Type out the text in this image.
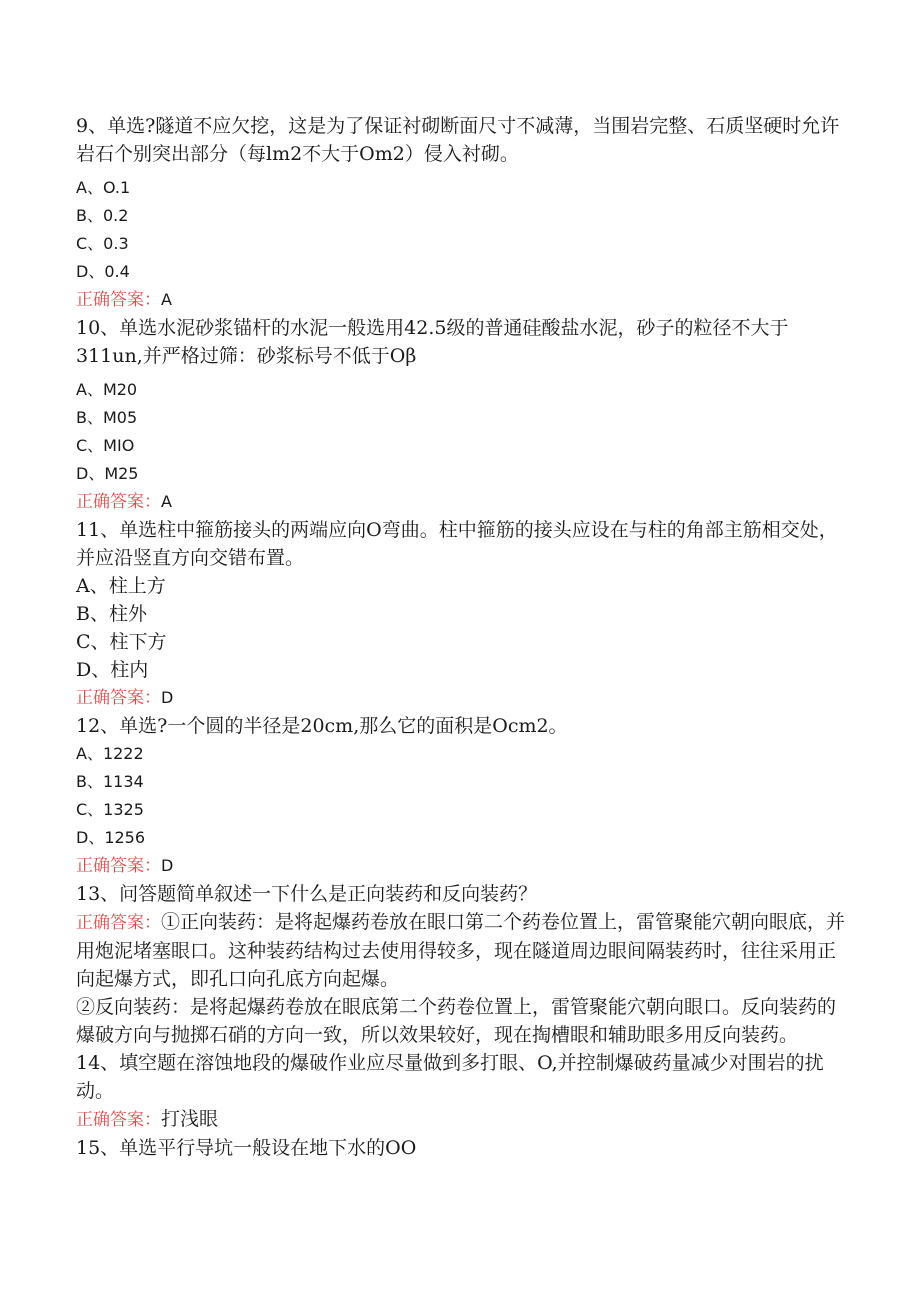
9、单选?隧道不应欠挖，这是为了保证衬砌断面尺寸不减薄，当围岩完整、石质坚硬时允许岩石个别突出部分（每lm2不大于Om2）侵入衬砌。

A、O.1

B、0.2

C、0.3

D、0.4

正确答案：A

10、单选水泥砂浆锚杆的水泥一般选用42.5级的普通硅酸盐水泥，砂子的粒径不大于311un,并严格过筛：砂浆标号不低于Oβ

A、M20

B、M05

C、MIO

D、M25

正确答案：A

11、单选柱中箍筋接头的两端应向O弯曲。柱中箍筋的接头应设在与柱的角部主筋相交处，并应沿竖直方向交错布置。

A、柱上方

B、柱外

C、柱下方

D、柱内

正确答案：D

12、单选?一个圆的半径是20cm,那么它的面积是Ocm2。

A、1222

B、1134

C、1325

D、1256

正确答案：D

13、问答题简单叙述一下什么是正向装药和反向装药？

正确答案：①正向装药：是将起爆药卷放在眼口第二个药卷位置上，雷管聚能穴朝向眼底，并用炮泥堵塞眼口。这种装药结构过去使用得较多，现在隧道周边眼间隔装药时，往往采用正向起爆方式，即孔口向孔底方向起爆。

②反向装药：是将起爆药卷放在眼底第二个药卷位置上，雷管聚能穴朝向眼口。反向装药的爆破方向与抛掷石硝的方向一致，所以效果较好，现在掏槽眼和辅助眼多用反向装药。

14、填空题在溶蚀地段的爆破作业应尽量做到多打眼、O,并控制爆破药量减少对围岩的扰动。

正确答案：打浅眼

15、单选平行导坑一般设在地下水的OO
